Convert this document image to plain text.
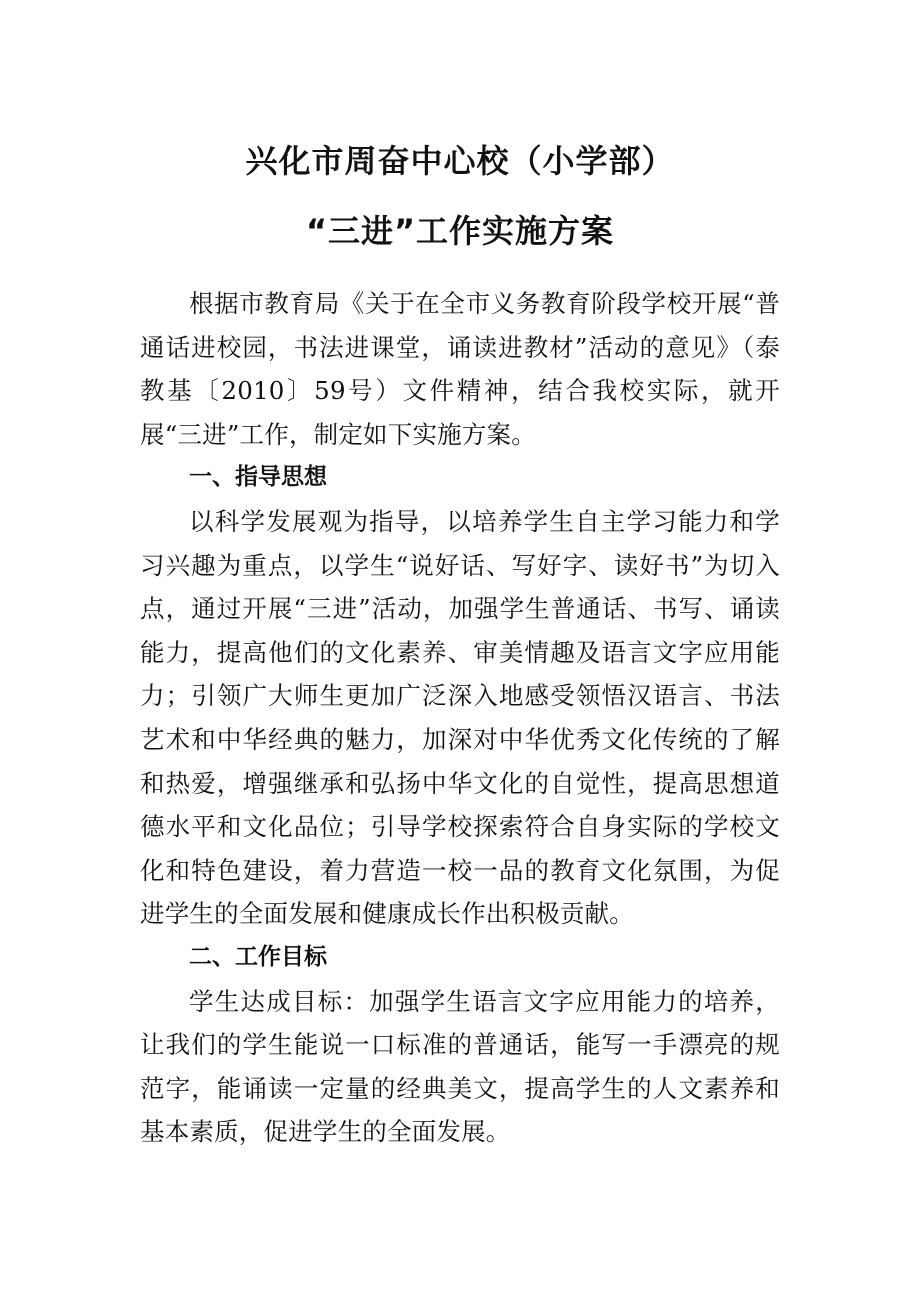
兴化市周奋中心校（小学部）
“三进”工作实施方案

根据市教育局《关于在全市义务教育阶段学校开展“普通话进校园，书法进课堂，诵读进教材”活动的意见》（泰教基〔2010〕59号）文件精神，结合我校实际，就开展“三进”工作，制定如下实施方案。

一、指导思想

以科学发展观为指导，以培养学生自主学习能力和学习兴趣为重点，以学生“说好话、写好字、读好书”为切入点，通过开展“三进”活动，加强学生普通话、书写、诵读能力，提高他们的文化素养、审美情趣及语言文字应用能力；引领广大师生更加广泛深入地感受领悟汉语言、书法艺术和中华经典的魅力，加深对中华优秀文化传统的了解和热爱，增强继承和弘扬中华文化的自觉性，提高思想道德水平和文化品位；引导学校探索符合自身实际的学校文化和特色建设，着力营造一校一品的教育文化氛围，为促进学生的全面发展和健康成长作出积极贡献。

二、工作目标

学生达成目标：加强学生语言文字应用能力的培养，让我们的学生能说一口标准的普通话，能写一手漂亮的规范字，能诵读一定量的经典美文，提高学生的人文素养和基本素质，促进学生的全面发展。
